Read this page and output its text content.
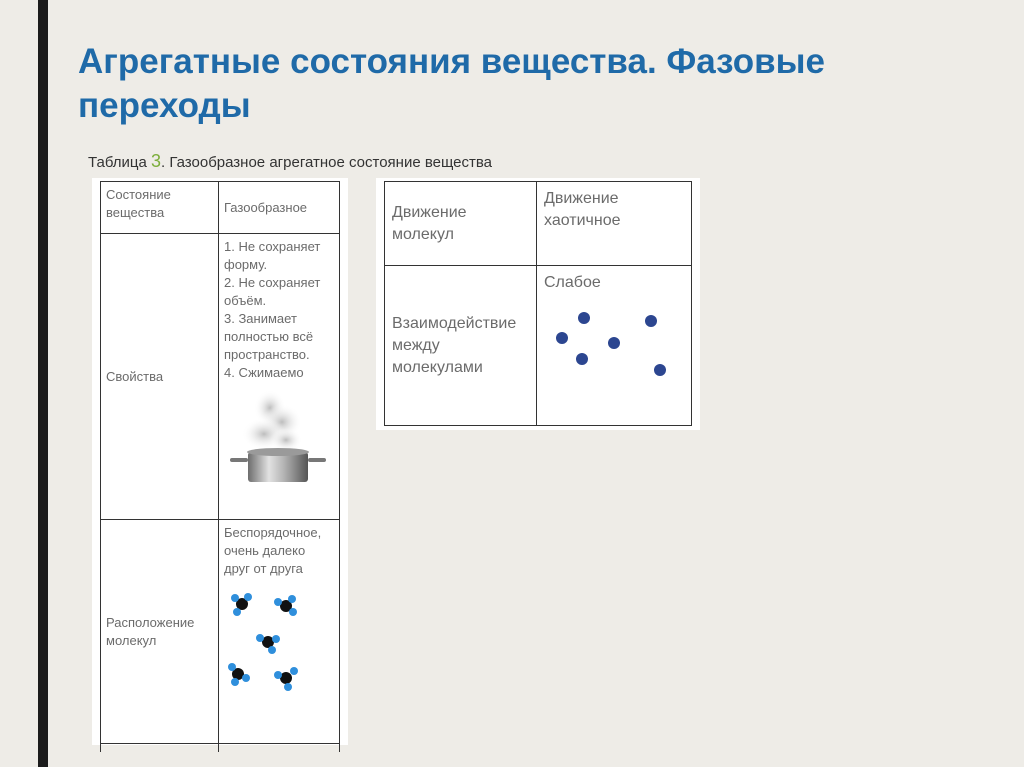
Агрегатные состояния вещества. Фазовые переходы
Таблица 3. Газообразное агрегатное состояние вещества
Состояние вещества	Газообразное
Свойства	1. Не сохраняет форму.
2. Не сохраняет объём.
3. Занимает полностью всё пространство.
4. Сжимаемо

Расположение молекул	Беспорядочное, очень далеко друг от друга

Движение молекул	Движение хаотичное
Взаимодействие между молекулами	Слабое
